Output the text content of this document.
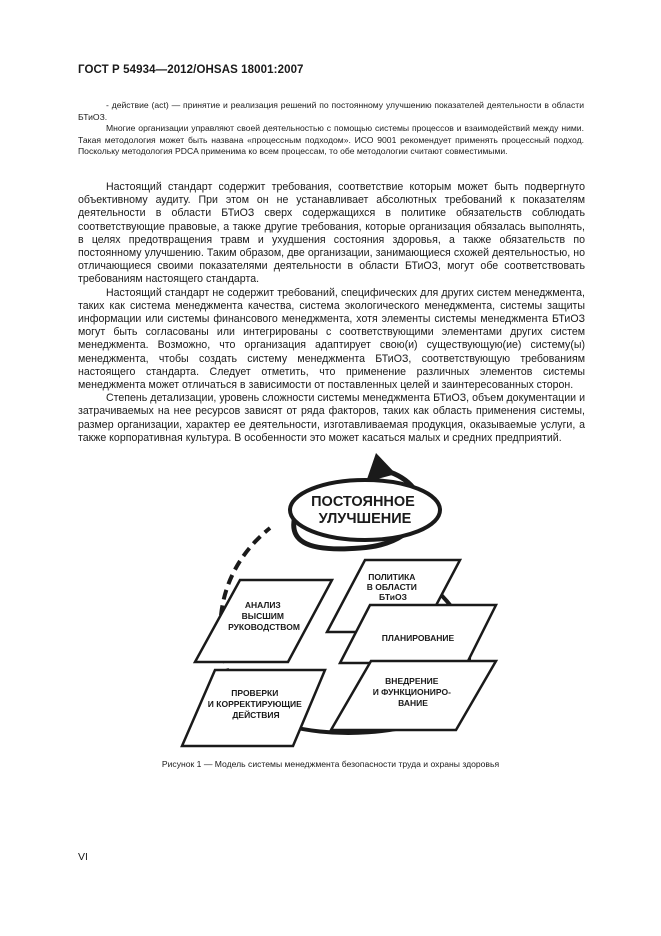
ГОСТ Р 54934—2012/OHSAS 18001:2007

- действие (act) — принятие и реализация решений по постоянному улучшению показателей деятельности в области БТиОЗ.

Многие организации управляют своей деятельностью с помощью системы процессов и взаимодействий между ними. Такая методология может быть названа «процессным подходом». ИСО 9001 рекомендует применять процессный подход. Поскольку методология PDCA применима ко всем процессам, то обе методологии считают совместимыми.

Настоящий стандарт содержит требования, соответствие которым может быть подвергнуто объективному аудиту. При этом он не устанавливает абсолютных требований к показателям деятельности в области БТиОЗ сверх содержащихся в политике обязательств соблюдать соответствующие правовые, а также другие требования, которые организация обязалась выполнять, в целях предотвращения травм и ухудшения состояния здоровья, а также обязательств по постоянному улучшению. Таким образом, две организации, занимающиеся схожей деятельностью, но отличающиеся своими показателями деятельности в области БТиОЗ, могут обе соответствовать требованиям настоящего стандарта.

Настоящий стандарт не содержит требований, специфических для других систем менеджмента, таких как система менеджмента качества, система экологического менеджмента, системы защиты информации или системы финансового менеджмента, хотя элементы системы менеджмента БТиОЗ могут быть согласованы или интегрированы с соответствующими элементами других систем менеджмента. Возможно, что организация адаптирует свою(и) существующую(ие) систему(ы) менеджмента, чтобы создать систему менеджмента БТиОЗ, соответствующую требованиям настоящего стандарта. Следует отметить, что применение различных элементов системы менеджмента может отличаться в зависимости от поставленных целей и заинтересованных сторон.

Степень детализации, уровень сложности системы менеджмента БТиОЗ, объем документации и затрачиваемых на нее ресурсов зависят от ряда факторов, таких как область применения системы, размер организации, характер ее деятельности, изготавливаемая продукция, оказываемые услуги, а также корпоративная культура. В особенности это может касаться малых и средних предприятий.

ПОСТОЯННОЕ УЛУЧШЕНИЕ
ПОЛИТИКА В ОБЛАСТИ БТиОЗ
ПЛАНИРОВАНИЕ
ВНЕДРЕНИЕ И ФУНКЦИОНИРО- ВАНИЕ
ПРОВЕРКИ И КОРРЕКТИРУЮЩИЕ ДЕЙСТВИЯ
АНАЛИЗ ВЫСШИМ РУКОВОДСТВОМ
Рисунок 1 — Модель системы менеджмента безопасности труда и охраны здоровья
VI
